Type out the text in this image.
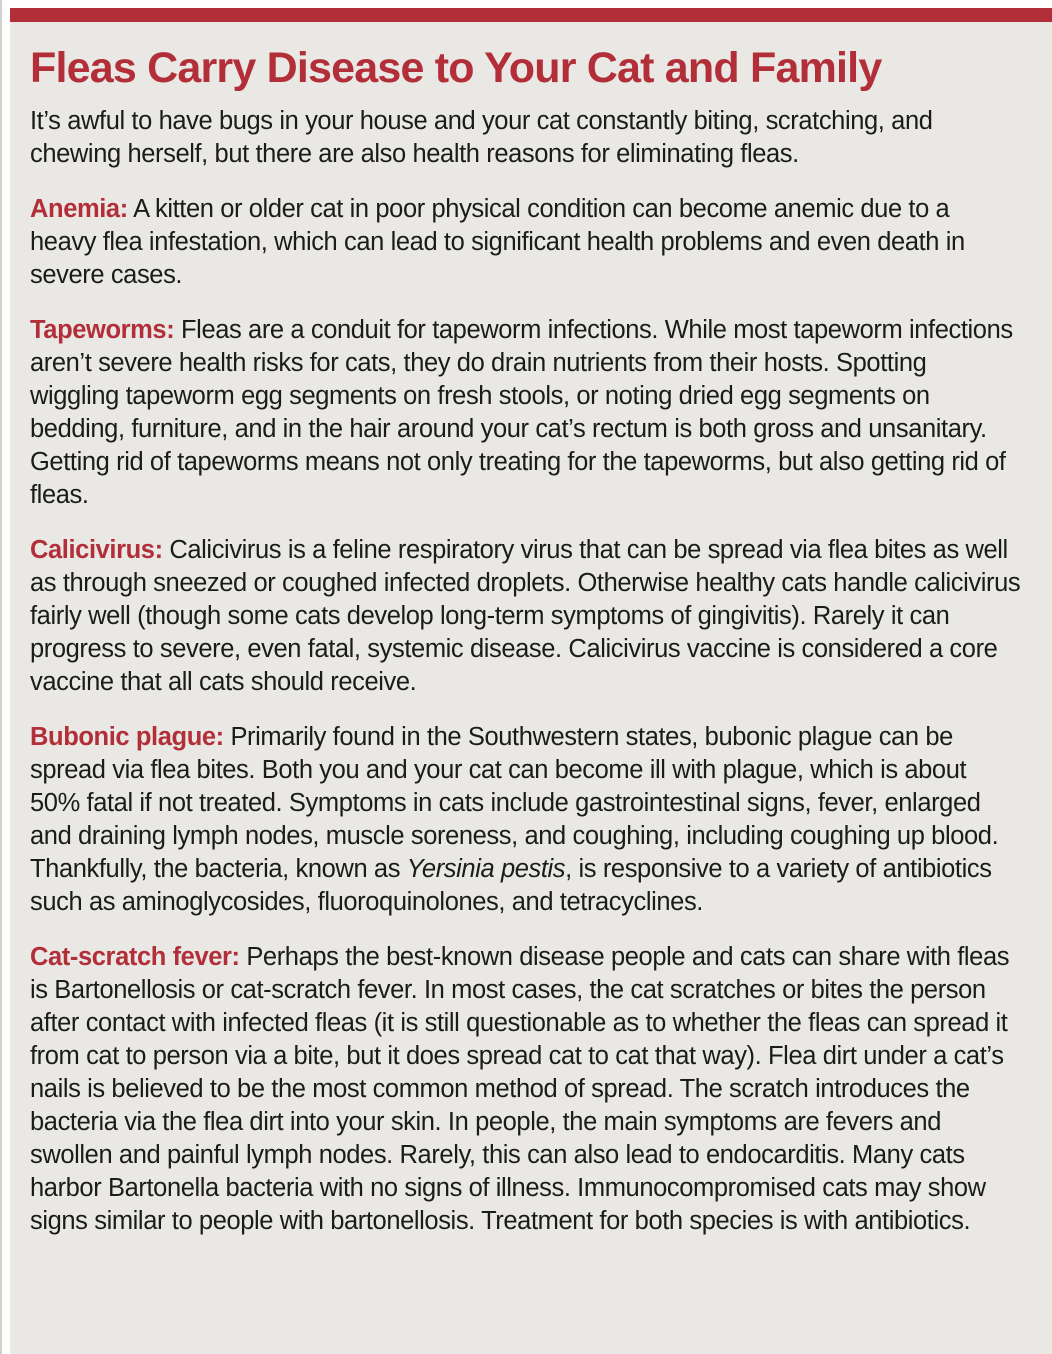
Fleas Carry Disease to Your Cat and Family

It’s awful to have bugs in your house and your cat constantly biting, scratching, and chewing herself, but there are also health reasons for eliminating fleas.

Anemia: A kitten or older cat in poor physical condition can become anemic due to a heavy flea infestation, which can lead to significant health problems and even death in severe cases.

Tapeworms: Fleas are a conduit for tapeworm infections. While most tapeworm infections aren’t severe health risks for cats, they do drain nutrients from their hosts. Spotting wiggling tapeworm egg segments on fresh stools, or noting dried egg segments on bedding, furniture, and in the hair around your cat’s rectum is both gross and unsanitary. Getting rid of tapeworms means not only treating for the tapeworms, but also getting rid of fleas.

Calicivirus: Calicivirus is a feline respiratory virus that can be spread via flea bites as well as through sneezed or coughed infected droplets. Otherwise healthy cats handle calicivirus fairly well (though some cats develop long-term symptoms of gingivitis). Rarely it can progress to severe, even fatal, systemic disease. Calicivirus vaccine is considered a core vaccine that all cats should receive.

Bubonic plague: Primarily found in the Southwestern states, bubonic plague can be spread via flea bites. Both you and your cat can become ill with plague, which is about 50% fatal if not treated. Symptoms in cats include gastrointestinal signs, fever, enlarged and draining lymph nodes, muscle soreness, and coughing, including coughing up blood. Thankfully, the bacteria, known as Yersinia pestis, is responsive to a variety of antibiotics such as aminoglycosides, fluoroquinolones, and tetracyclines.

Cat-scratch fever: Perhaps the best-known disease people and cats can share with fleas is Bartonellosis or cat-scratch fever. In most cases, the cat scratches or bites the person after contact with infected fleas (it is still questionable as to whether the fleas can spread it from cat to person via a bite, but it does spread cat to cat that way). Flea dirt under a cat’s nails is believed to be the most common method of spread. The scratch introduces the bacteria via the flea dirt into your skin. In people, the main symptoms are fevers and swollen and painful lymph nodes. Rarely, this can also lead to endocarditis. Many cats harbor Bartonella bacteria with no signs of illness. Immunocompromised cats may show signs similar to people with bartonellosis. Treatment for both species is with antibiotics.
